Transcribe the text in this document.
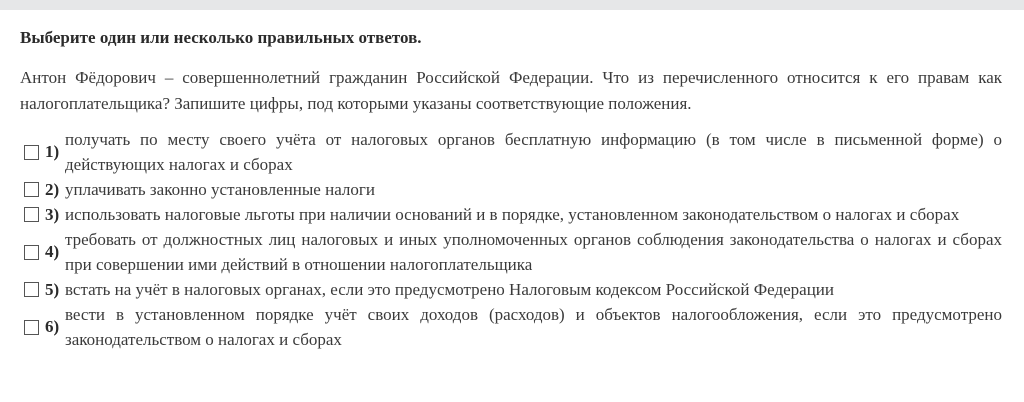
Выберите один или несколько правильных ответов.

Антон Фёдорович – совершеннолетний гражданин Российской Федерации. Что из перечисленного относится к его правам как налогоплательщика? Запишите цифры, под которыми указаны соответствующие положения.
1)
получать по месту своего учёта от налоговых органов бесплатную информацию (в том числе в письменной форме) о действующих налогах и сборах
2) уплачивать законно установленные налоги
3) использовать налоговые льготы при наличии оснований и в порядке, установленном законодательством о налогах и сборах
4)
требовать от должностных лиц налоговых и иных уполномоченных органов соблюдения законодательства о налогах и сборах при совершении ими действий в отношении налогоплательщика
5) встать на учёт в налоговых органах, если это предусмотрено Налоговым кодексом Российской Федерации
6)
вести в установленном порядке учёт своих доходов (расходов) и объектов налогообложения, если это предусмотрено законодательством о налогах и сборах
